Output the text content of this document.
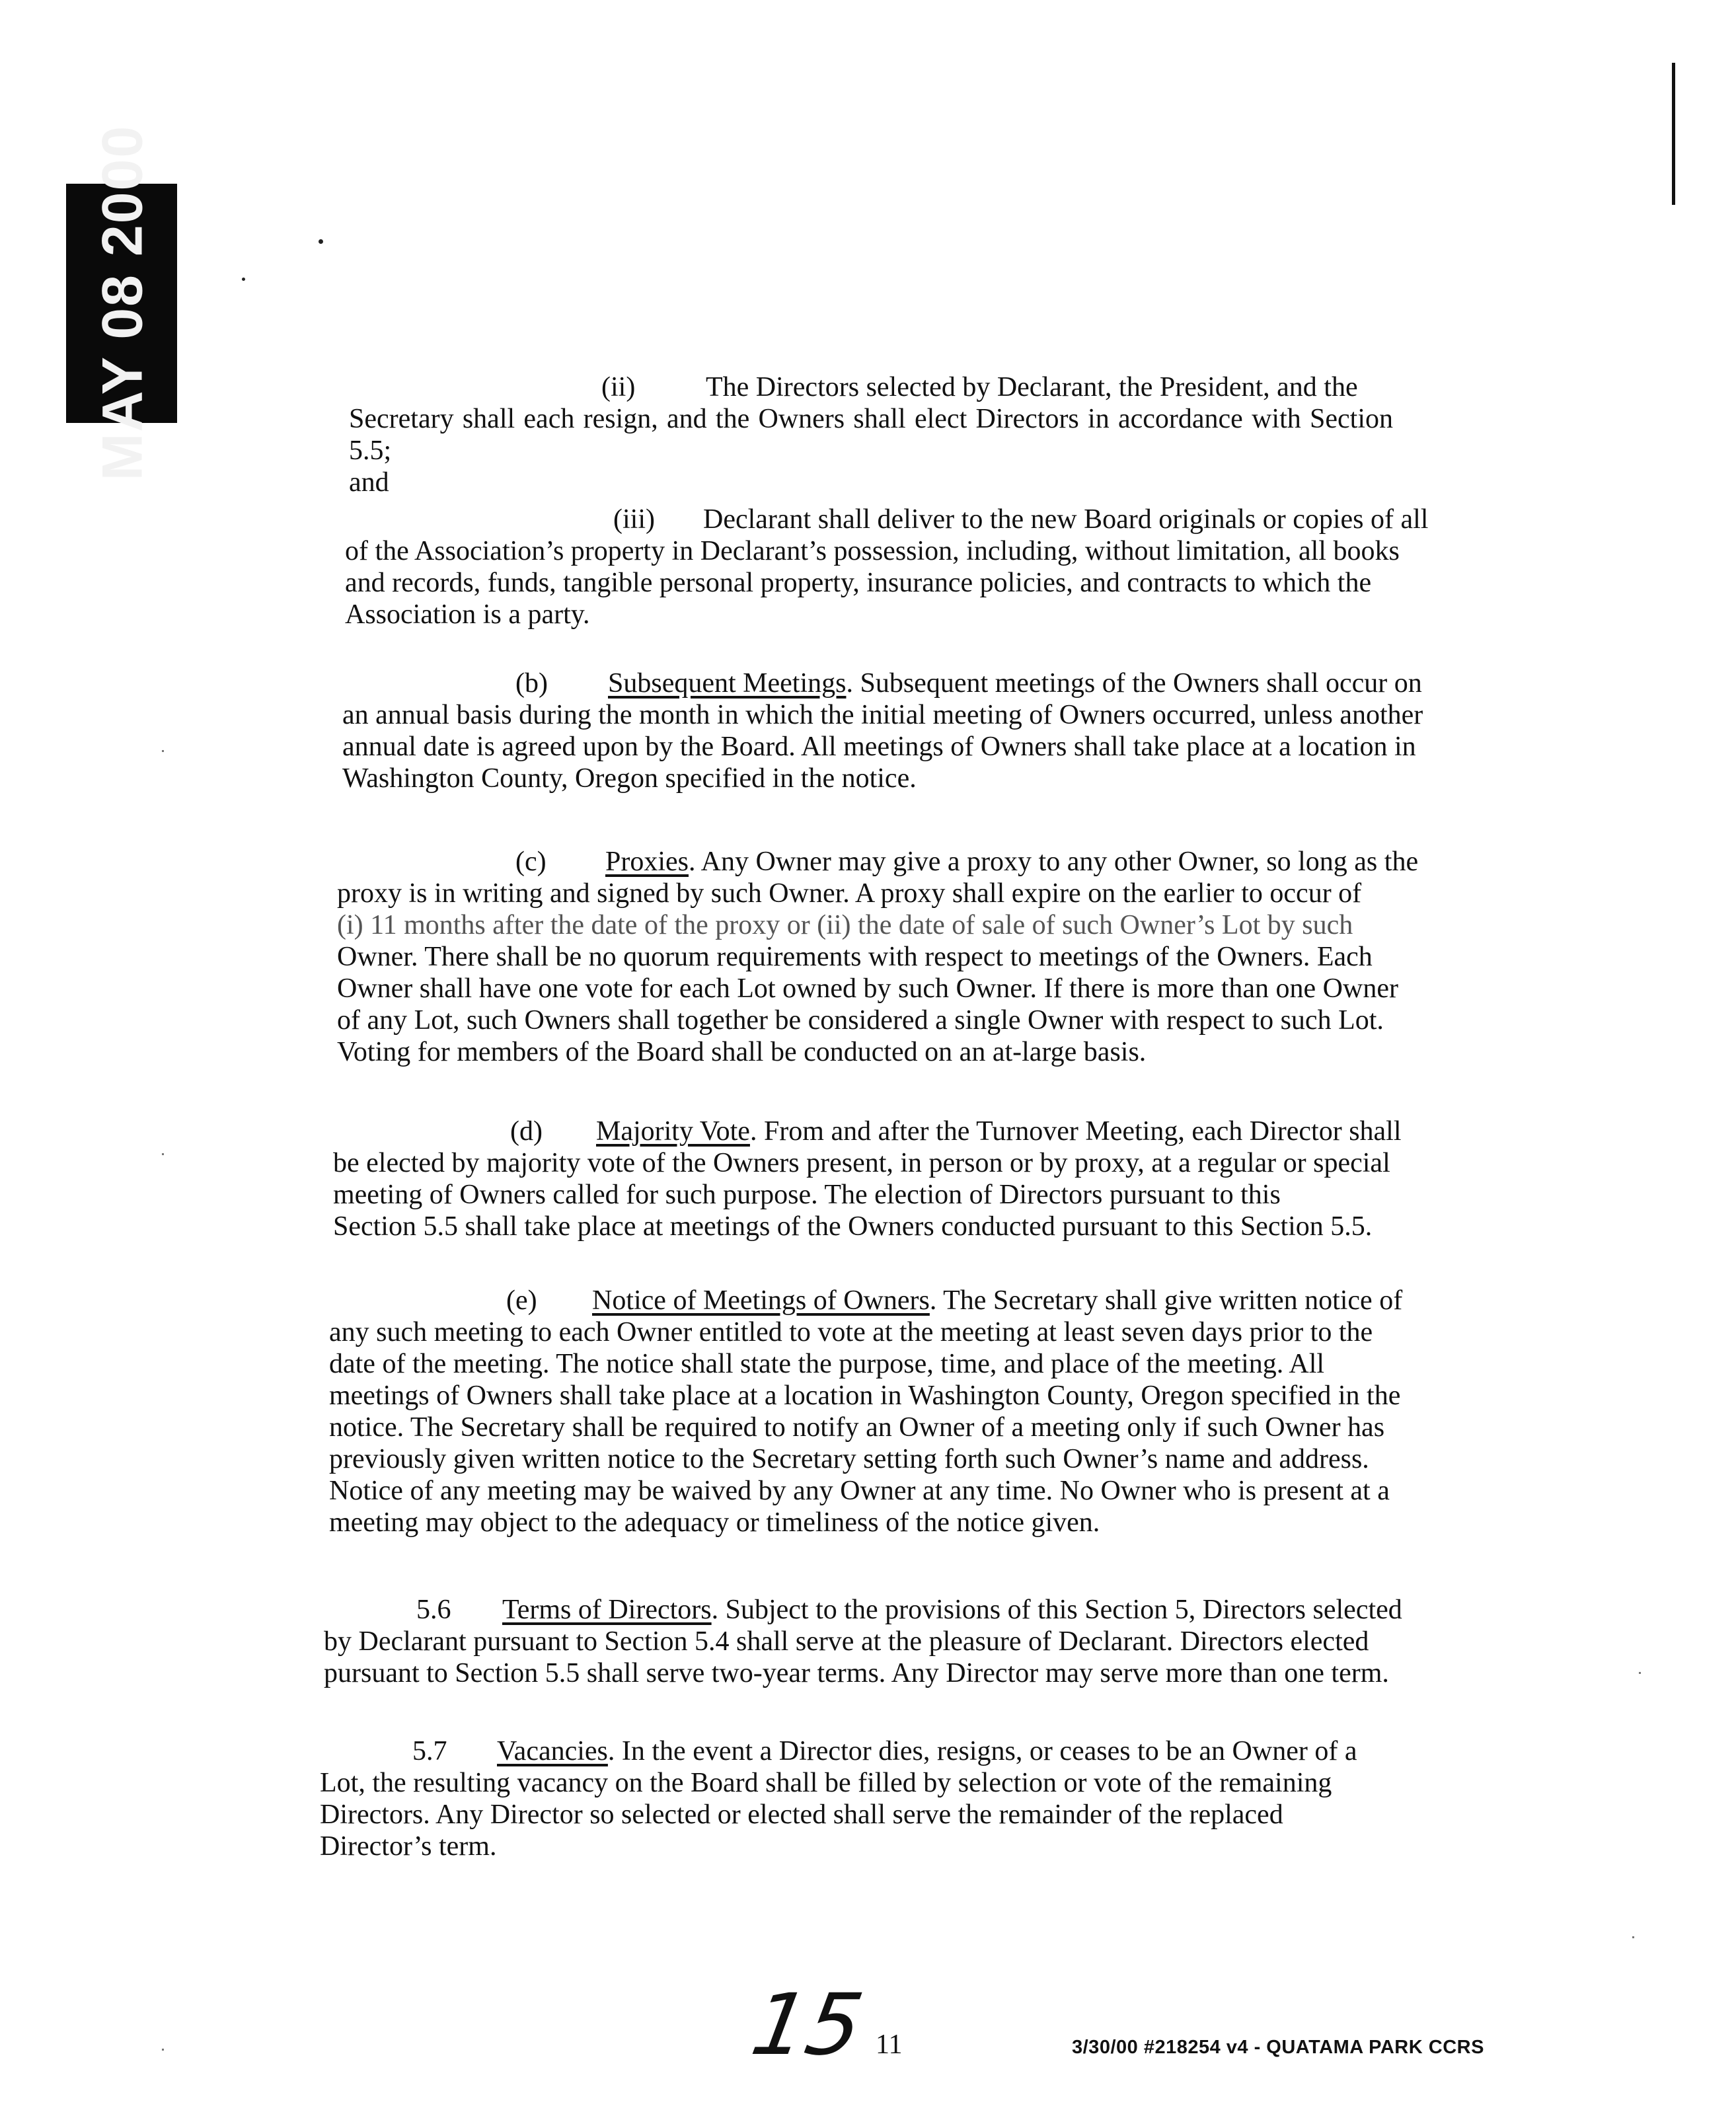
MAY 08 2000	(ii)	The Directors selected by Declarant, the President, and the
Secretary shall each resign, and the Owners shall elect Directors in accordance with Section 5.5;
and
(iii) Declarant shall deliver to the new Board originals or copies of all
of the Association’s property in Declarant’s possession, including, without limitation, all books
and records, funds, tangible personal property, insurance policies, and contracts to which the
Association is a party.
(b) Subsequent Meetings. Subsequent meetings of the Owners shall occur on
an annual basis during the month in which the initial meeting of Owners occurred, unless another
annual date is agreed upon by the Board. All meetings of Owners shall take place at a location in
Washington County, Oregon specified in the notice.
(c) Proxies. Any Owner may give a proxy to any other Owner, so long as the
proxy is in writing and signed by such Owner. A proxy shall expire on the earlier to occur of
(i) 11 months after the date of the proxy or (ii) the date of sale of such Owner’s Lot by such
Owner. There shall be no quorum requirements with respect to meetings of the Owners. Each
Owner shall have one vote for each Lot owned by such Owner. If there is more than one Owner
of any Lot, such Owners shall together be considered a single Owner with respect to such Lot.
Voting for members of the Board shall be conducted on an at-large basis.
(d) Majority Vote. From and after the Turnover Meeting, each Director shall
be elected by majority vote of the Owners present, in person or by proxy, at a regular or special
meeting of Owners called for such purpose. The election of Directors pursuant to this
Section 5.5 shall take place at meetings of the Owners conducted pursuant to this Section 5.5.
(e) Notice of Meetings of Owners. The Secretary shall give written notice of
any such meeting to each Owner entitled to vote at the meeting at least seven days prior to the
date of the meeting. The notice shall state the purpose, time, and place of the meeting. All
meetings of Owners shall take place at a location in Washington County, Oregon specified in the
notice. The Secretary shall be required to notify an Owner of a meeting only if such Owner has
previously given written notice to the Secretary setting forth such Owner’s name and address.
Notice of any meeting may be waived by any Owner at any time. No Owner who is present at a
meeting may object to the adequacy or timeliness of the notice given.
5.6 Terms of Directors. Subject to the provisions of this Section 5, Directors selected
by Declarant pursuant to Section 5.4 shall serve at the pleasure of Declarant. Directors elected
pursuant to Section 5.5 shall serve two-year terms. Any Director may serve more than one term.
5.7 Vacancies. In the event a Director dies, resigns, or ceases to be an Owner of a
Lot, the resulting vacancy on the Board shall be filled by selection or vote of the remaining
Directors. Any Director so selected or elected shall serve the remainder of the replaced
Director’s term.
15 11	3/30/00 #218254 v4 - QUATAMA PARK CCRS
